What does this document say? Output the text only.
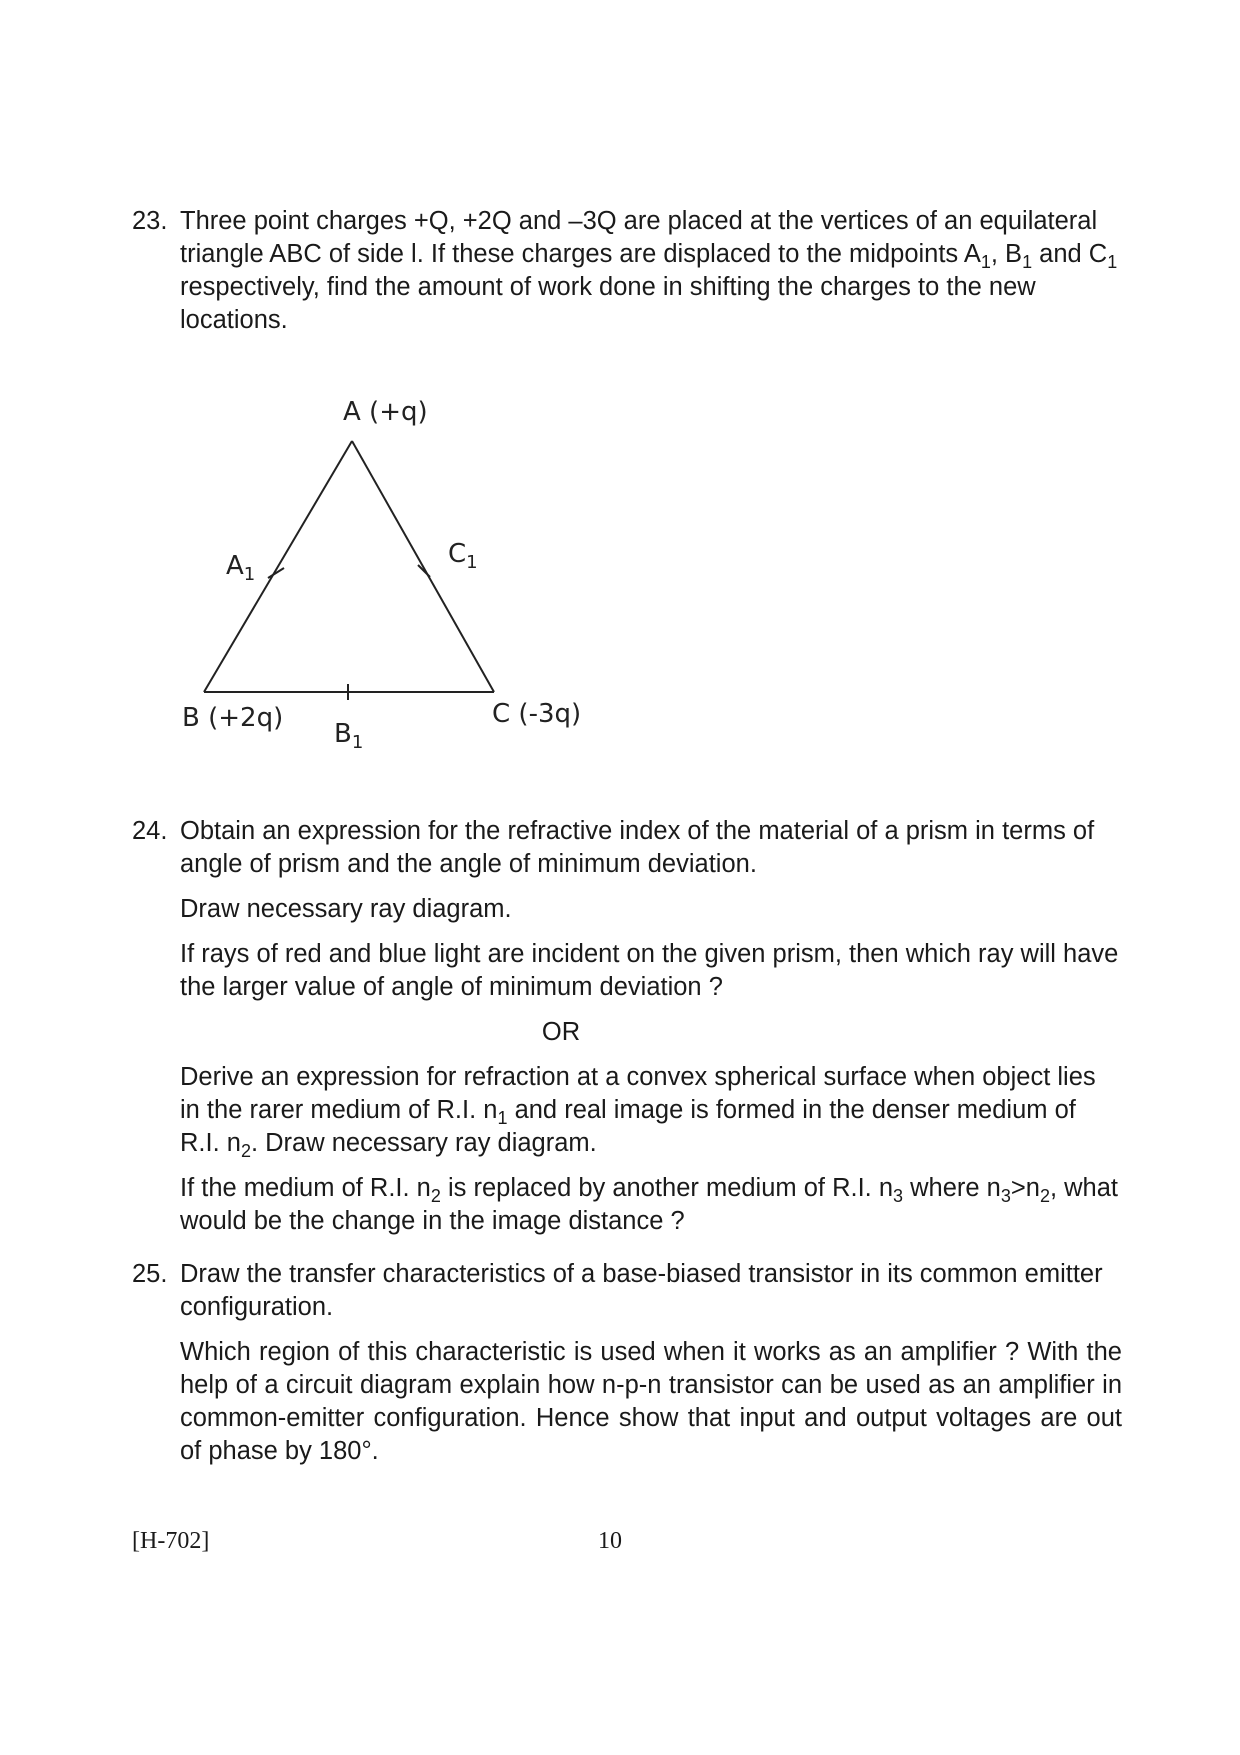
23. Three point charges +Q, +2Q and –3Q are placed at the vertices of an equilateral triangle ABC of side l. If these charges are displaced to the midpoints $A_1$, $B_1$ and $C_1$ respectively, find the amount of work done in shifting the charges to the new locations.
A (+q)
B (+2q)	C (-3q)
$A_1$
$C_1$
$B_1$
24. Obtain an expression for the refractive index of the material of a prism in terms of angle of prism and the angle of minimum deviation.

Draw necessary ray diagram.

If rays of red and blue light are incident on the given prism, then which ray will have the larger value of angle of minimum deviation ?

OR

Derive an expression for refraction at a convex spherical surface when object lies in the rarer medium of R.I. $n_1$ and real image is formed in the denser medium of R.I. $n_2$. Draw necessary ray diagram.

If the medium of R.I. $n_2$ is replaced by another medium of R.I. $n_3$ where $n_3>n_2$, what would be the change in the image distance ?

25. Draw the transfer characteristics of a base-biased transistor in its common emitter configuration.

Which region of this characteristic is used when it works as an amplifier ? With the help of a circuit diagram explain how n-p-n transistor can be used as an amplifier in common-emitter configuration. Hence show that input and output voltages are out of phase by 180°.

[H-702]	10
